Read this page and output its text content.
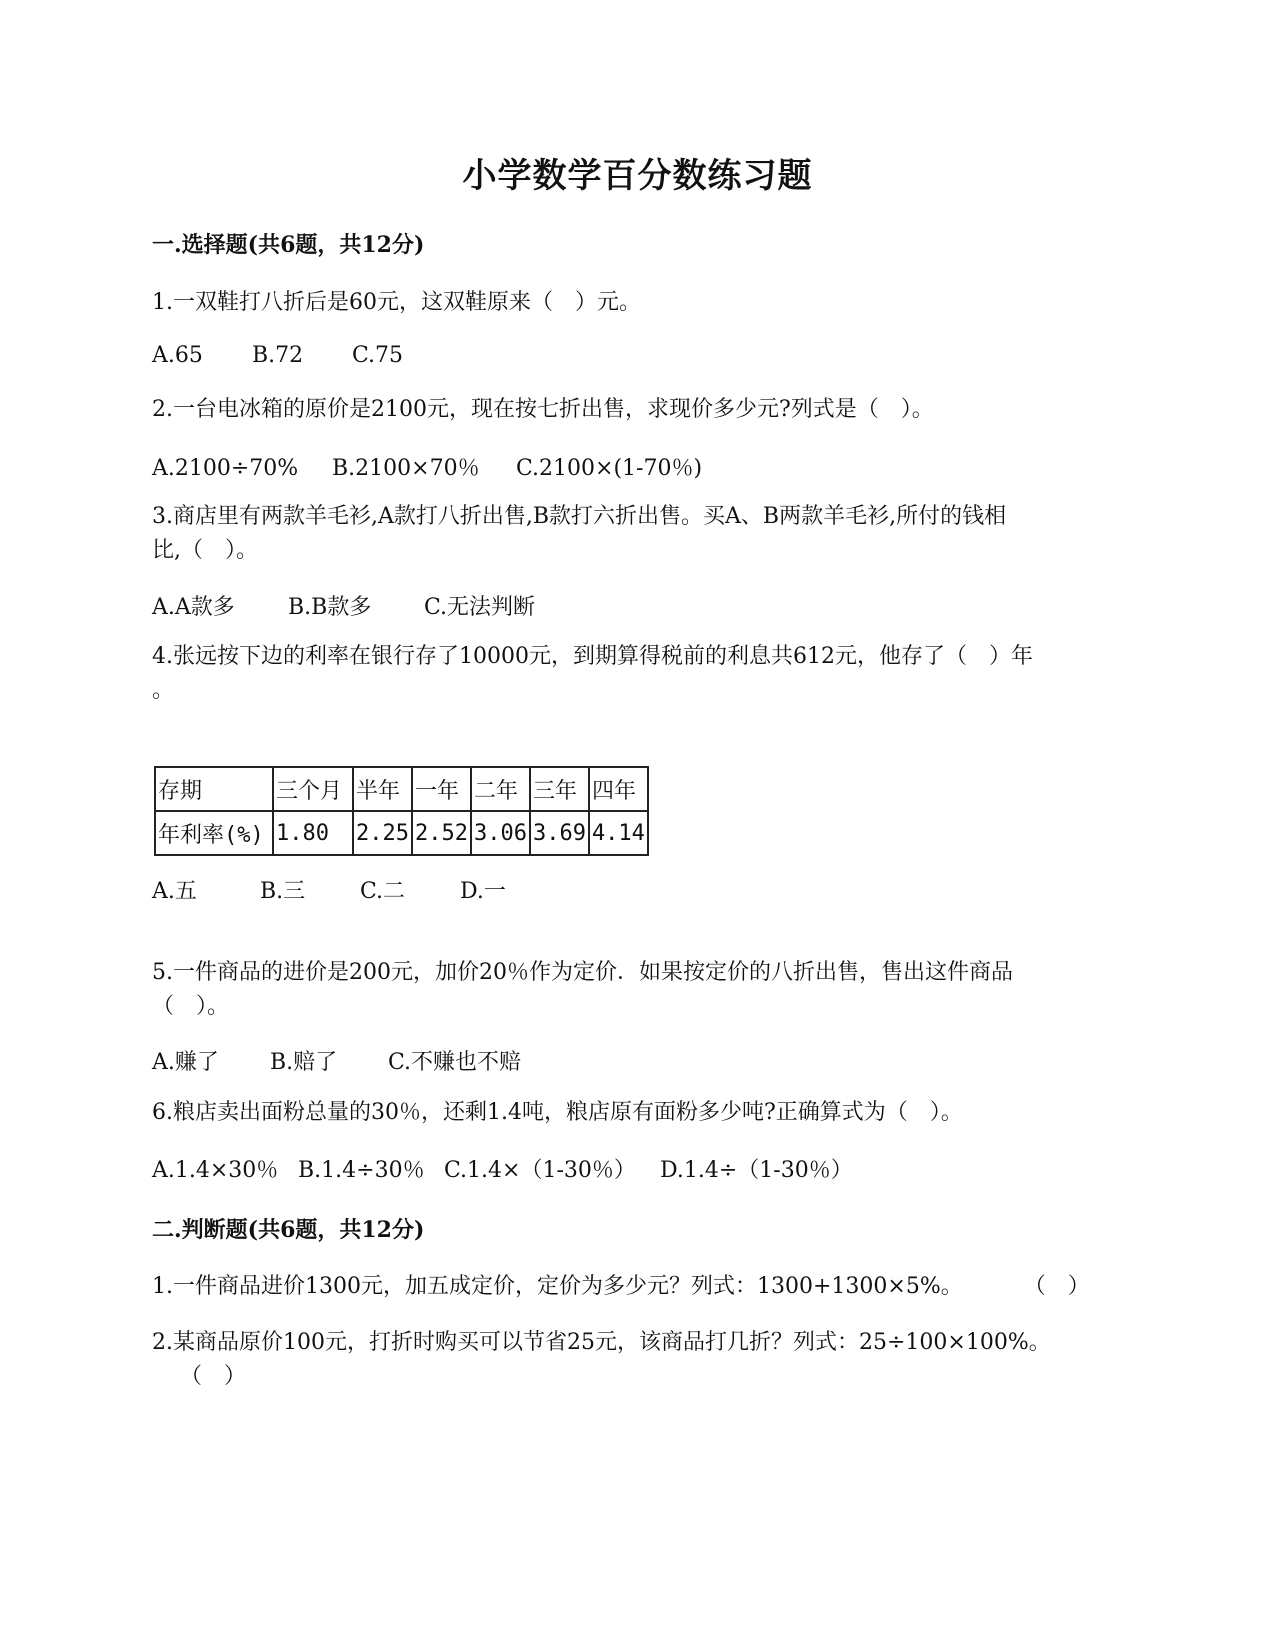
小学数学百分数练习题
一.选择题(共6题，共12分)
1.一双鞋打八折后是60元，这双鞋原来（　）元。
A.65 B.72 C.75
2.一台电冰箱的原价是2100元，现在按七折出售，求现价多少元?列式是（　）。
A.2100÷70% B.2100×70％ C.2100×(1-70％)
3.商店里有两款羊毛衫,A款打八折出售,B款打六折出售。买A、B两款羊毛衫,所付的钱相
比,（　）。
A.A款多 B.B款多 C.无法判断
4.张远按下边的利率在银行存了10000元，到期算得税前的利息共612元，他存了（　）年
。
存期	三个月	半年	一年	二年	三年	四年
年利率(%)	1.80	2.25	2.52	3.06	3.69	4.14
A.五	B.三 C.二 D.一
5.一件商品的进价是200元，加价20％作为定价．如果按定价的八折出售，售出这件商品
（　）。
A.赚了 B.赔了 C.不赚也不赔
6.粮店卖出面粉总量的30％，还剩1.4吨，粮店原有面粉多少吨?正确算式为（　）。
A.1.4×30％ B.1.4÷30％ C.1.4×（1-30％） D.1.4÷（1-30％）
二.判断题(共6题，共12分)
1.一件商品进价1300元，加五成定价，定价为多少元？列式：1300+1300×5%。	（　）
2.某商品原价100元，打折时购买可以节省25元，该商品打几折？列式：25÷100×100%。
（　）
